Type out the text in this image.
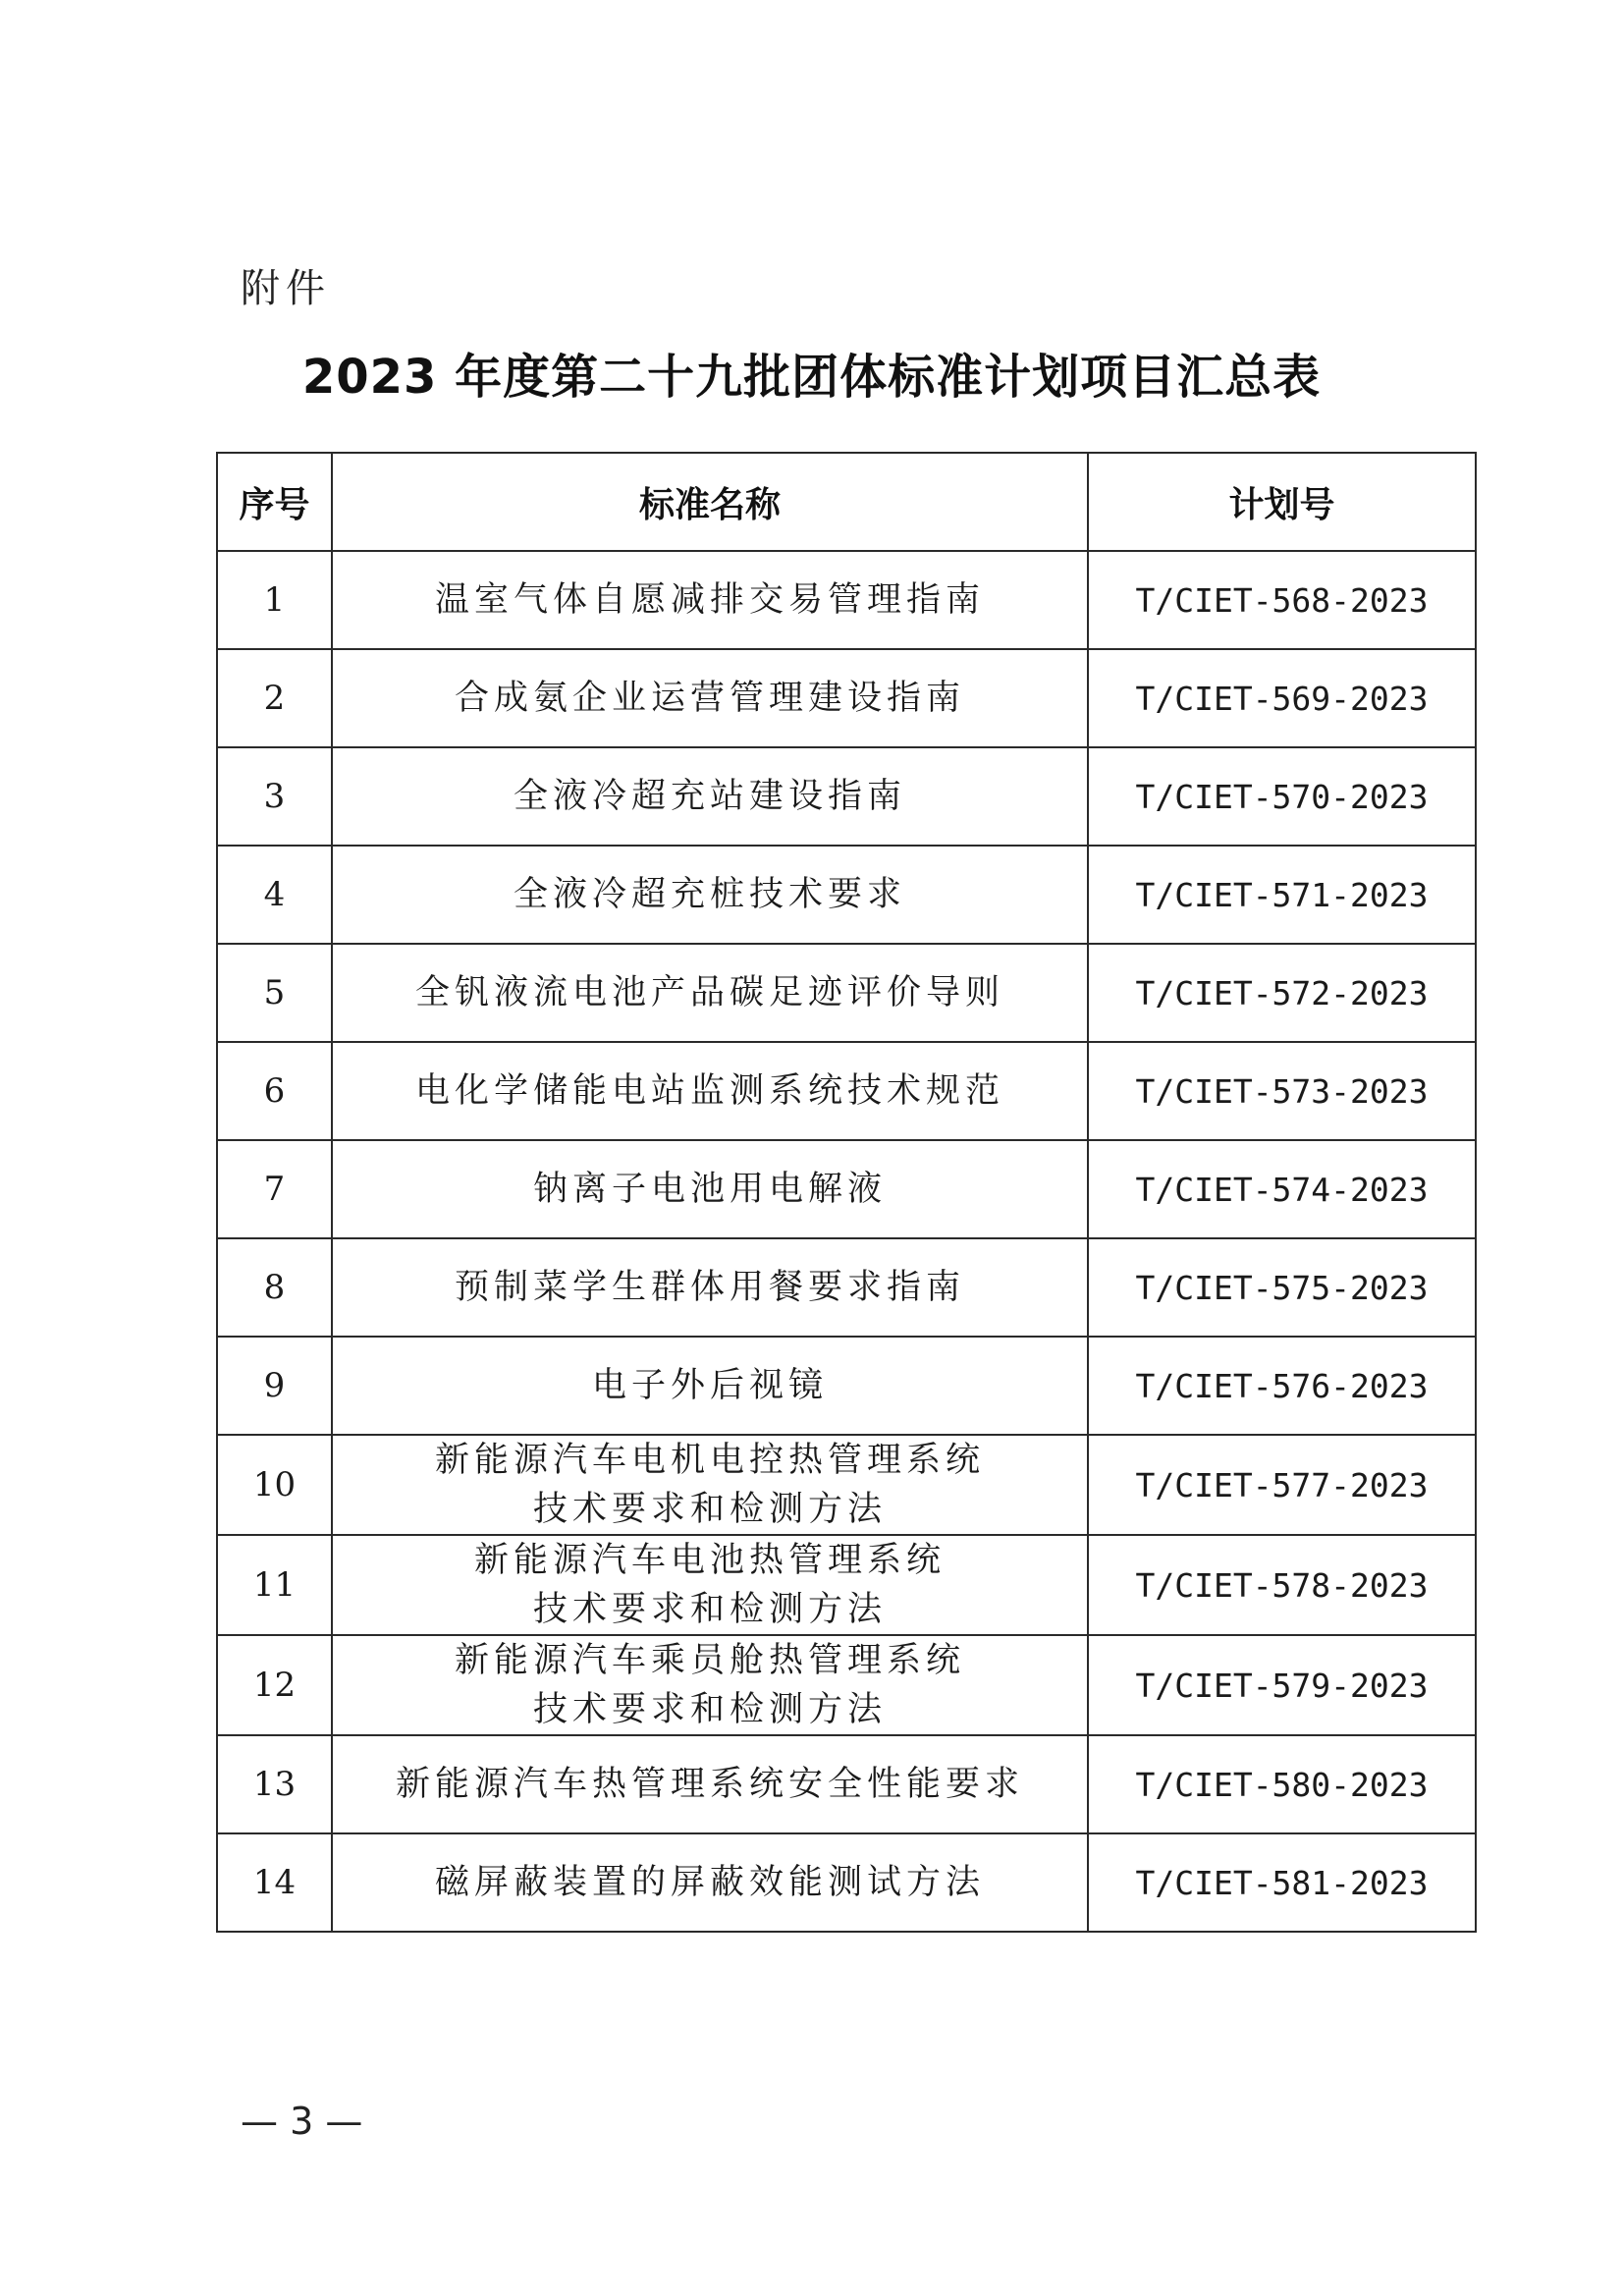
附件
2023 年度第二十九批团体标准计划项目汇总表
序号	标准名称	计划号
1	温室气体自愿减排交易管理指南	T/CIET-568-2023
2	合成氨企业运营管理建设指南	T/CIET-569-2023
3	全液冷超充站建设指南	T/CIET-570-2023
4	全液冷超充桩技术要求	T/CIET-571-2023
5	全钒液流电池产品碳足迹评价导则	T/CIET-572-2023
6	电化学储能电站监测系统技术规范	T/CIET-573-2023
7	钠离子电池用电解液	T/CIET-574-2023
8	预制菜学生群体用餐要求指南	T/CIET-575-2023
9	电子外后视镜	T/CIET-576-2023
10	新能源汽车电机电控热管理系统
技术要求和检测方法	T/CIET-577-2023
11	新能源汽车电池热管理系统
技术要求和检测方法	T/CIET-578-2023
12	新能源汽车乘员舱热管理系统
技术要求和检测方法	T/CIET-579-2023
13	新能源汽车热管理系统安全性能要求	T/CIET-580-2023
14	磁屏蔽装置的屏蔽效能测试方法	T/CIET-581-2023
— 3 —
